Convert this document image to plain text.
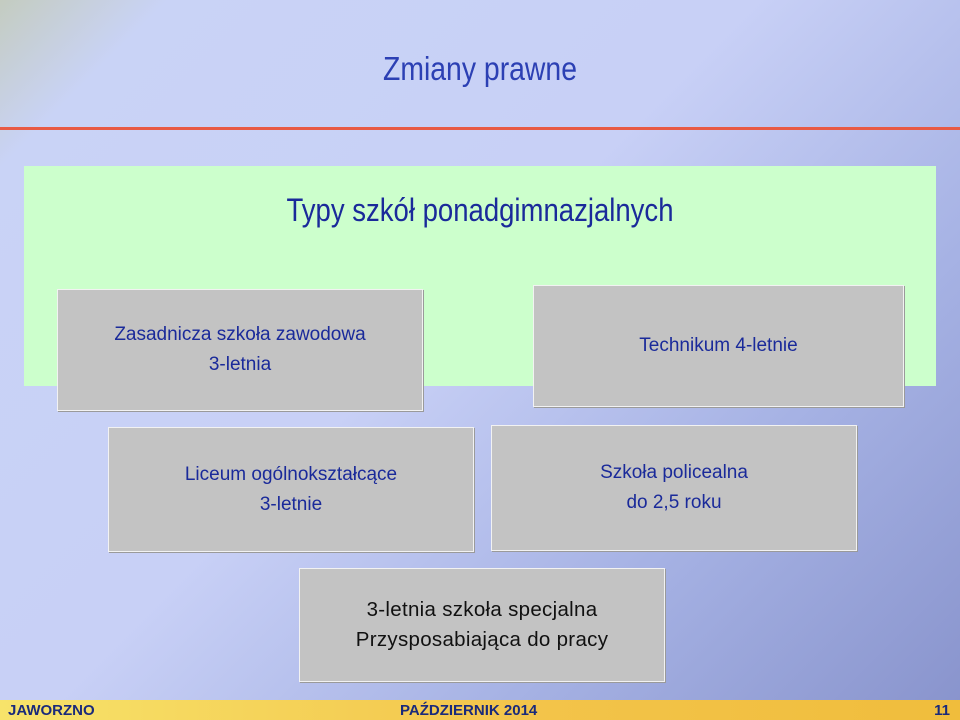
Zmiany prawne
Typy szkół ponadgimnazjalnych
Zasadnicza szkoła zawodowa
3-letnia
Technikum 4-letnie
Liceum ogólnokształcące
3-letnie
Szkoła policealna
do 2,5 roku
3-letnia szkoła specjalna
Przysposabiająca do pracy
JAWORZNO	PAŹDZIERNIK 2014	11
